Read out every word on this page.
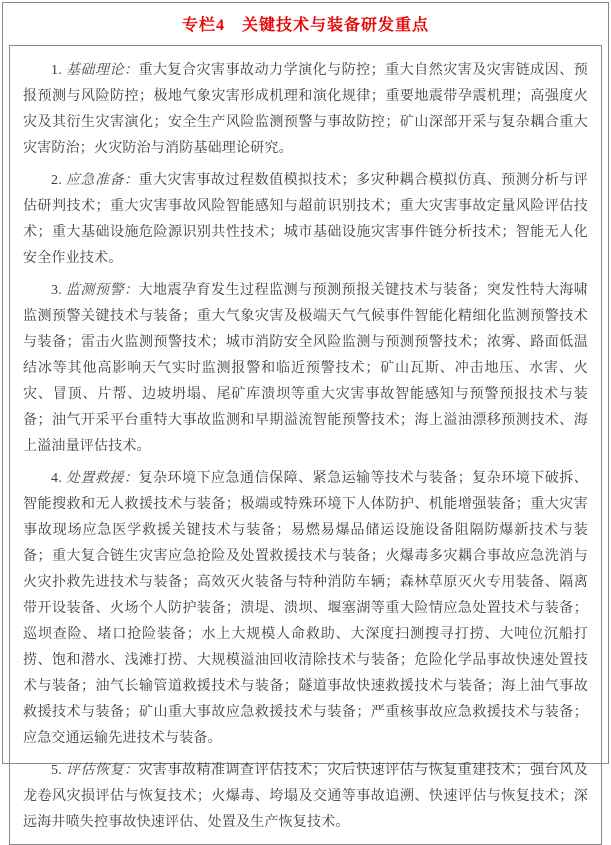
专栏4　关键技术与装备研发重点

1. 基础理论：重大复合灾害事故动力学演化与防控；重大自然灾害及灾害链成因、预报预测与风险防控；极地气象灾害形成机理和演化规律；重要地震带孕震机理；高强度火灾及其衍生灾害演化；安全生产风险监测预警与事故防控；矿山深部开采与复杂耦合重大灾害防治；火灾防治与消防基础理论研究。

2. 应急准备：重大灾害事故过程数值模拟技术；多灾种耦合模拟仿真、预测分析与评估研判技术；重大灾害事故风险智能感知与超前识别技术；重大灾害事故定量风险评估技术；重大基础设施危险源识别共性技术；城市基础设施灾害事件链分析技术；智能无人化安全作业技术。

3. 监测预警：大地震孕育发生过程监测与预测预报关键技术与装备；突发性特大海啸监测预警关键技术与装备；重大气象灾害及极端天气气候事件智能化精细化监测预警技术与装备；雷击火监测预警技术；城市消防安全风险监测与预测预警技术；浓雾、路面低温结冰等其他高影响天气实时监测报警和临近预警技术；矿山瓦斯、冲击地压、水害、火灾、冒顶、片帮、边坡坍塌、尾矿库溃坝等重大灾害事故智能感知与预警预报技术与装备；油气开采平台重特大事故监测和早期溢流智能预警技术；海上溢油漂移预测技术、海上溢油量评估技术。

4. 处置救援：复杂环境下应急通信保障、紧急运输等技术与装备；复杂环境下破拆、智能搜救和无人救援技术与装备；极端或特殊环境下人体防护、机能增强装备；重大灾害事故现场应急医学救援关键技术与装备；易燃易爆品储运设施设备阻隔防爆新技术与装备；重大复合链生灾害应急抢险及处置救援技术与装备；火爆毒多灾耦合事故应急洗消与火灾扑救先进技术与装备；高效灭火装备与特种消防车辆；森林草原灭火专用装备、隔离带开设装备、火场个人防护装备；溃堤、溃坝、堰塞湖等重大险情应急处置技术与装备；巡坝查险、堵口抢险装备；水上大规模人命救助、大深度扫测搜寻打捞、大吨位沉船打捞、饱和潜水、浅滩打捞、大规模溢油回收清除技术与装备；危险化学品事故快速处置技术与装备；油气长输管道救援技术与装备；隧道事故快速救援技术与装备；海上油气事故救援技术与装备；矿山重大事故应急救援技术与装备；严重核事故应急救援技术与装备；应急交通运输先进技术与装备。

5. 评估恢复：灾害事故精准调查评估技术；灾后快速评估与恢复重建技术；强台风及龙卷风灾损评估与恢复技术；火爆毒、垮塌及交通等事故追溯、快速评估与恢复技术；深远海井喷失控事故快速评估、处置及生产恢复技术。
